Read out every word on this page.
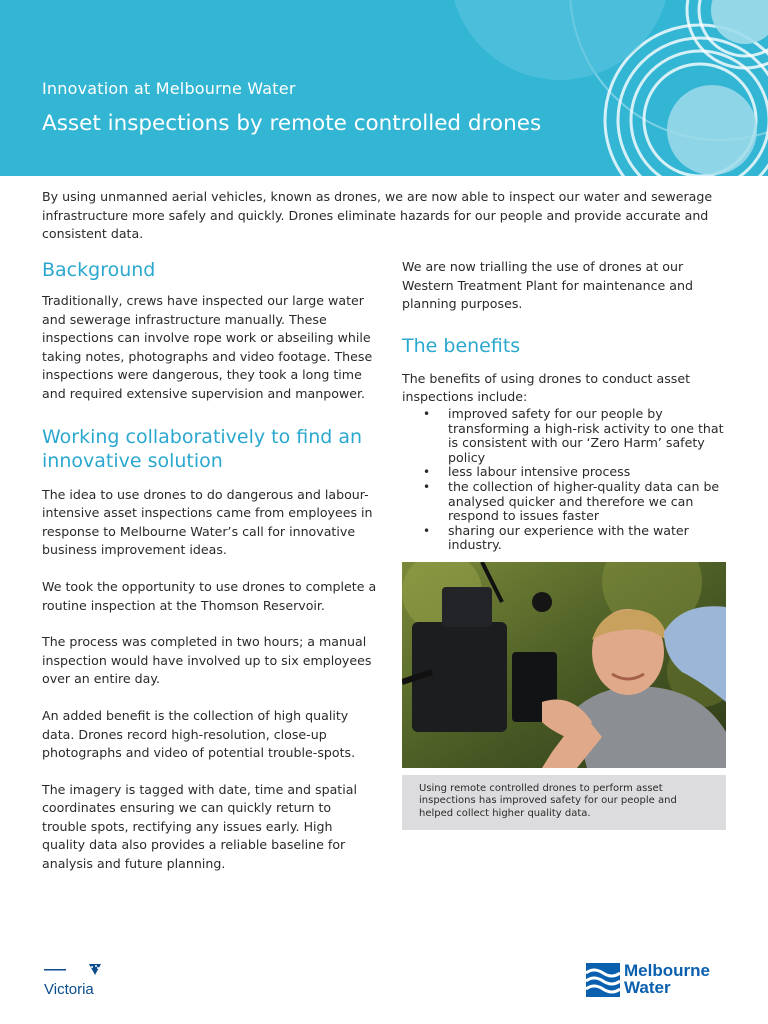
Innovation at Melbourne Water
Asset inspections by remote controlled drones

By using unmanned aerial vehicles, known as drones, we are now able to inspect our water and sewerage infrastructure more safely and quickly. Drones eliminate hazards for our people and provide accurate and consistent data.

Background

Traditionally, crews have inspected our large water and sewerage infrastructure manually. These inspections can involve rope work or abseiling while taking notes, photographs and video footage. These inspections were dangerous, they took a long time and required extensive supervision and manpower.

Working collaboratively to find an innovative solution

The idea to use drones to do dangerous and labour-intensive asset inspections came from employees in response to Melbourne Water’s call for innovative business improvement ideas.

We took the opportunity to use drones to complete a routine inspection at the Thomson Reservoir.

The process was completed in two hours; a manual inspection would have involved up to six employees over an entire day.

An added benefit is the collection of high quality data. Drones record high-resolution, close-up photographs and video of potential trouble-spots.

The imagery is tagged with date, time and spatial coordinates ensuring we can quickly return to trouble spots, rectifying any issues early. High quality data also provides a reliable baseline for analysis and future planning.

We are now trialling the use of drones at our Western Treatment Plant for maintenance and planning purposes.

The benefits

The benefits of using drones to conduct asset inspections include:

• improved safety for our people by transforming a high-risk activity to one that is consistent with our ‘Zero Harm’ safety policy
• less labour intensive process
• the collection of higher-quality data can be analysed quicker and therefore we can respond to issues faster
• sharing our experience with the water industry.
Using remote controlled drones to perform asset inspections has improved safety for our people and helped collect higher quality data.
Victoria
Melbourne
Water
